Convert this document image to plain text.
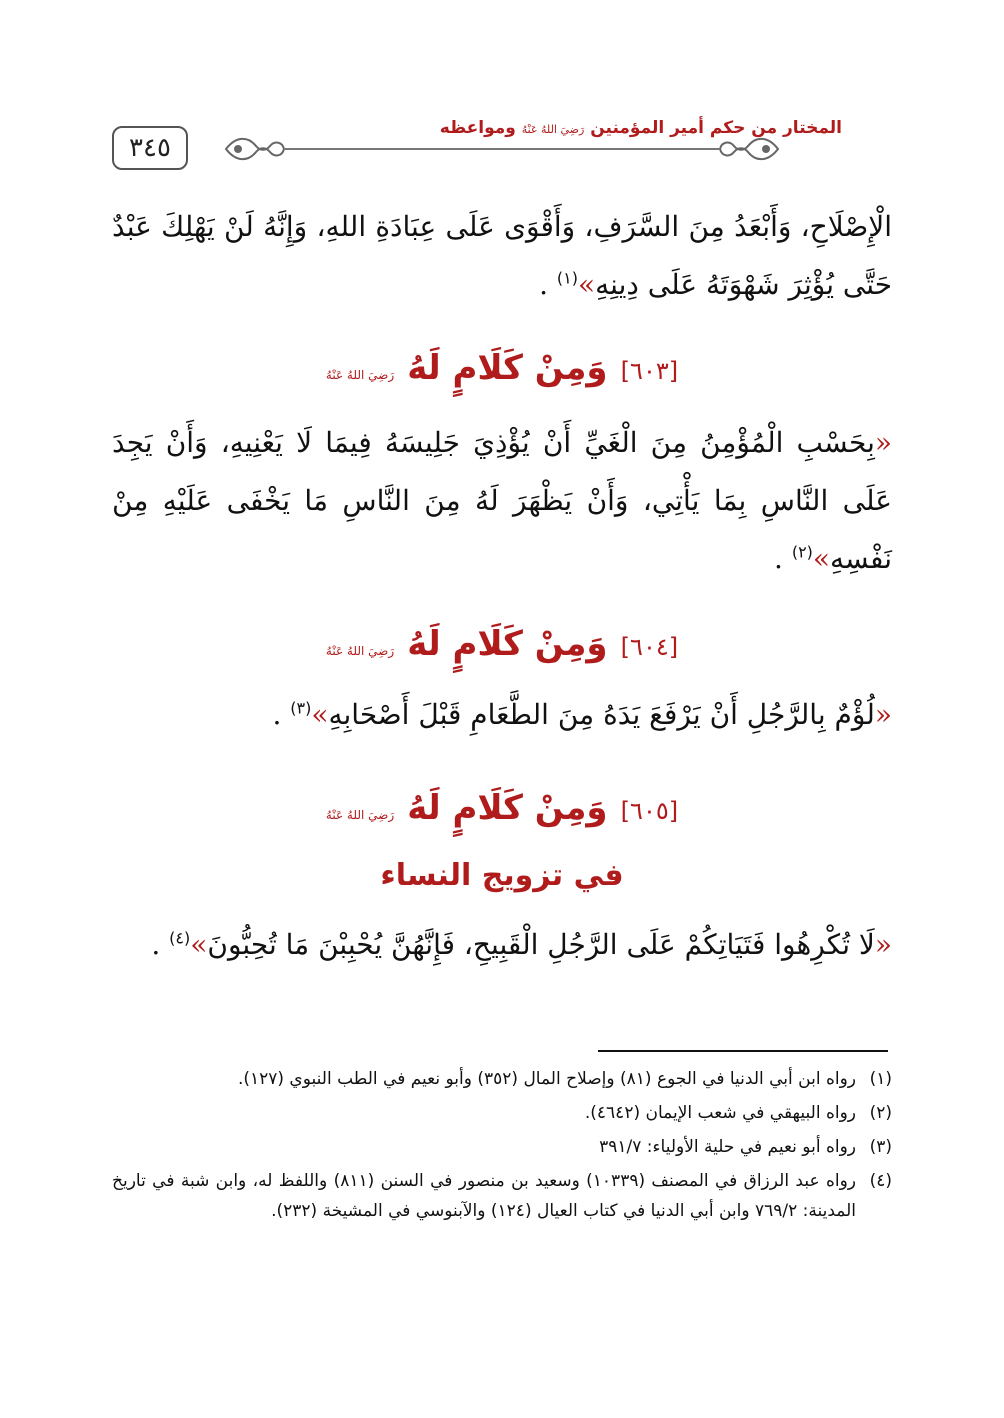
٣٤٥
المختار من حكم أمير المؤمنين رَضِيَ اللهُ عَنْهُ ومواعظه
الْإِصْلَاحِ، وَأَبْعَدُ مِنَ السَّرَفِ، وَأَقْوَى عَلَى عِبَادَةِ اللهِ، وَإِنَّهُ لَنْ يَهْلِكَ عَبْدٌ حَتَّى يُؤْثِرَ شَهْوَتَهُ عَلَى دِينِهِ»$^{(١)}$ .
[٦٠٣] وَمِنْ كَلَامٍ لَهُ رَضِيَ اللهُ عَنْهُ
«بِحَسْبِ الْمُؤْمِنُ مِنَ الْغَيِّ أَنْ يُؤْذِيَ جَلِيسَهُ فِيمَا لَا يَعْنِيهِ، وَأَنْ يَجِدَ عَلَى النَّاسِ بِمَا يَأْتِي، وَأَنْ يَظْهَرَ لَهُ مِنَ النَّاسِ مَا يَخْفَى عَلَيْهِ مِنْ نَفْسِهِ»$^{(٢)}$ .
[٦٠٤] وَمِنْ كَلَامٍ لَهُ رَضِيَ اللهُ عَنْهُ
«لُؤْمٌ بِالرَّجُلِ أَنْ يَرْفَعَ يَدَهُ مِنَ الطَّعَامِ قَبْلَ أَصْحَابِهِ»$^{(٣)}$ .
[٦٠٥] وَمِنْ كَلَامٍ لَهُ رَضِيَ اللهُ عَنْهُ
في تزويج النساء
«لَا تُكْرِهُوا فَتَيَاتِكُمْ عَلَى الرَّجُلِ الْقَبِيحِ، فَإِنَّهُنَّ يُحْبِبْنَ مَا تُحِبُّونَ»$^{(٤)}$ .
(١)
رواه ابن أبي الدنيا في الجوع (٨١) وإصلاح المال (٣٥٢) وأبو نعيم في الطب النبوي (١٢٧).
(٢)
رواه البيهقي في شعب الإيمان (٤٦٤٢).
(٣)
رواه أبو نعيم في حلية الأولياء: ٣٩١/٧
(٤)
رواه عبد الرزاق في المصنف (١٠٣٣٩) وسعيد بن منصور في السنن (٨١١) واللفظ له، وابن شبة في تاريخ المدينة: ٧٦٩/٢ وابن أبي الدنيا في كتاب العيال (١٢٤) والآبنوسي في المشيخة (٢٣٢).
